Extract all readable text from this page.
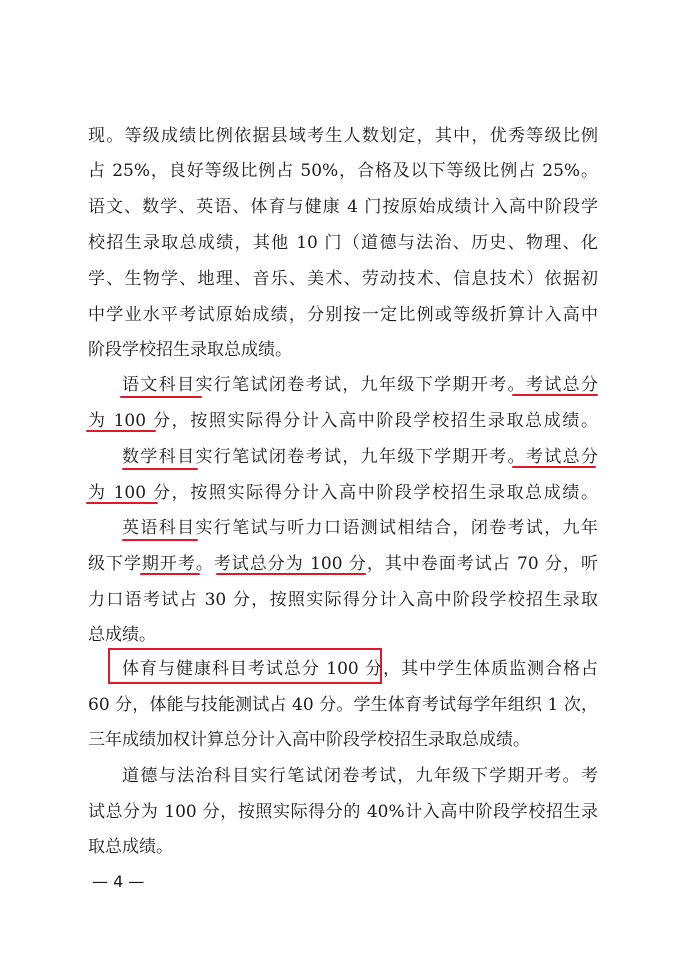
现。等级成绩比例依据县域考生人数划定，其中，优秀等级比例
占 25%，良好等级比例占 50%，合格及以下等级比例占 25%。
语文、数学、英语、体育与健康 4 门按原始成绩计入高中阶段学
校招生录取总成绩，其他 10 门（道德与法治、历史、物理、化
学、生物学、地理、音乐、美术、劳动技术、信息技术）依据初
中学业水平考试原始成绩，分别按一定比例或等级折算计入高中
阶段学校招生录取总成绩。
语文科目实行笔试闭卷考试，九年级下学期开考。考试总分
为 100 分，按照实际得分计入高中阶段学校招生录取总成绩。
数学科目实行笔试闭卷考试，九年级下学期开考。考试总分
为 100 分，按照实际得分计入高中阶段学校招生录取总成绩。
英语科目实行笔试与听力口语测试相结合，闭卷考试，九年
级下学期开考。考试总分为 100 分，其中卷面考试占 70 分，听
力口语考试占 30 分，按照实际得分计入高中阶段学校招生录取
总成绩。
体育与健康科目考试总分 100 分，其中学生体质监测合格占
60 分，体能与技能测试占 40 分。学生体育考试每学年组织 1 次，
三年成绩加权计算总分计入高中阶段学校招生录取总成绩。
道德与法治科目实行笔试闭卷考试，九年级下学期开考。考
试总分为 100 分，按照实际得分的 40%计入高中阶段学校招生录
取总成绩。
— 4 —
